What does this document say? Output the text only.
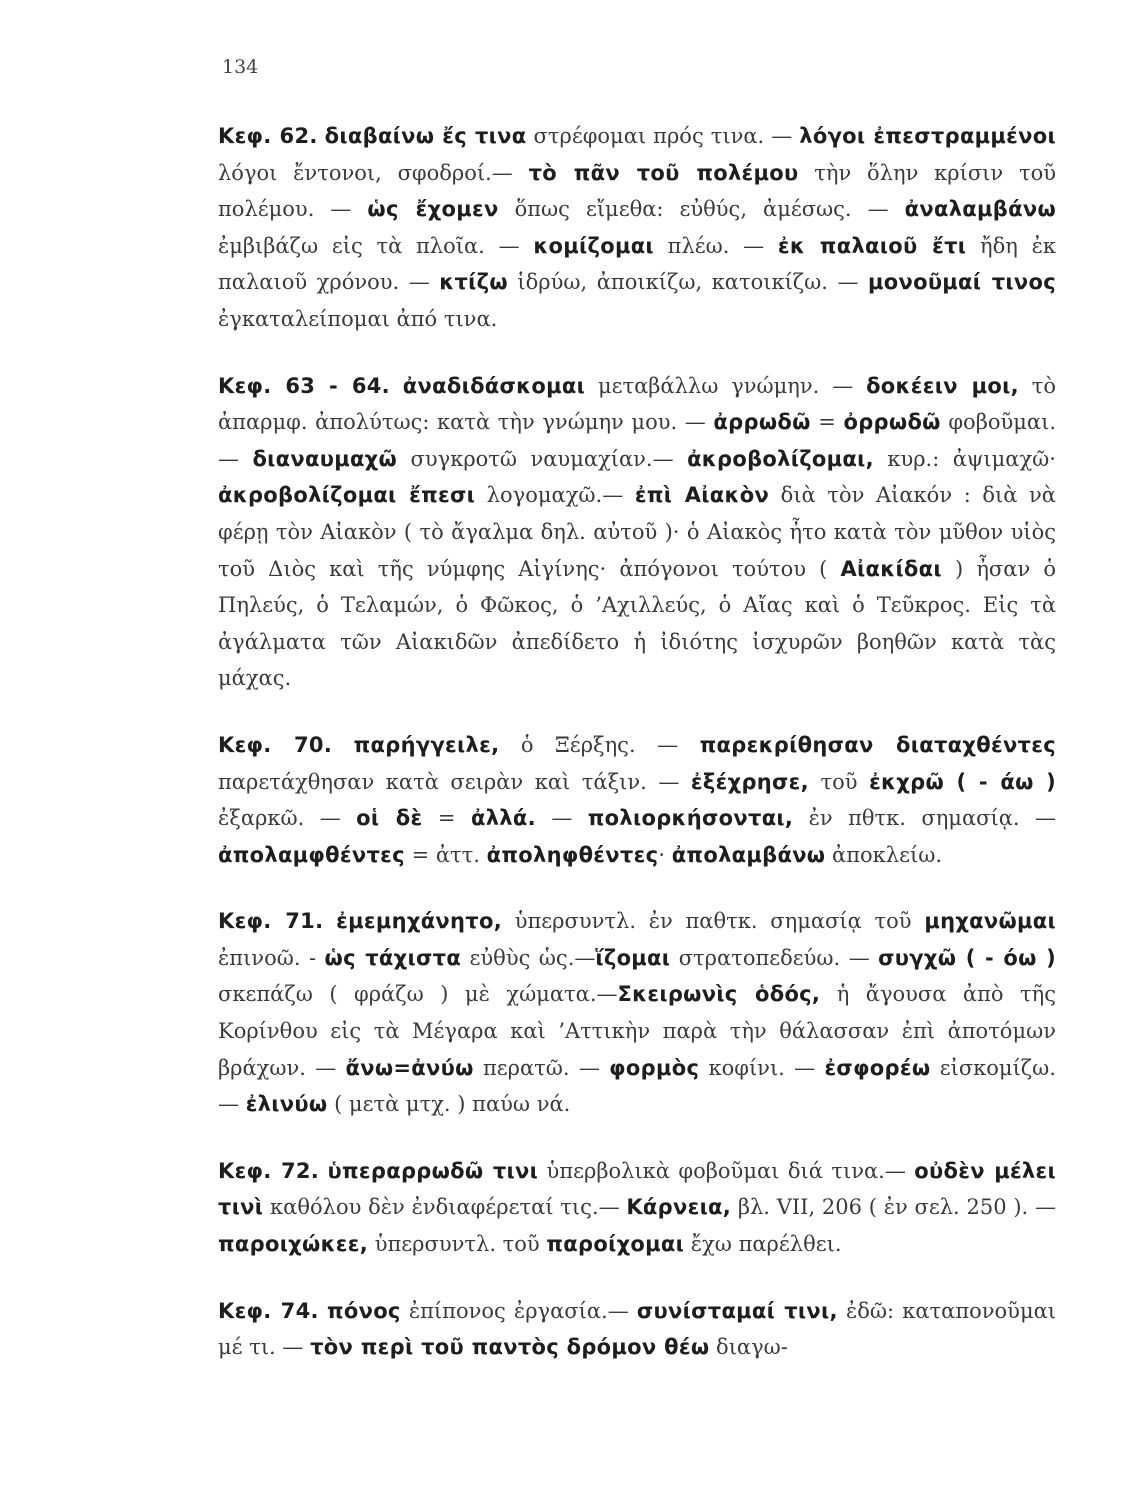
134

Κεφ. 62. διαβαίνω ἔς τινα στρέφομαι πρός τινα. — λόγοι ἐπεστραμμένοι λόγοι ἔντονοι, σφοδροί.— τὸ πᾶν τοῦ πολέμου τὴν ὅλην κρίσιν τοῦ πολέμου. — ὡς ἔχομεν ὅπως εἴμεθα: εὐθύς, ἀμέσως. — ἀναλαμβάνω ἐμβιβάζω εἰς τὰ πλοῖα. — κομίζομαι πλέω. — ἐκ παλαιοῦ ἔτι ἤδη ἐκ παλαιοῦ χρόνου. — κτίζω ἱδρύω, ἀποικίζω, κατοικίζω. — μονοῦμαί τινος ἐγκαταλείπομαι ἀπό τινα.

Κεφ. 63 - 64. ἀναδιδάσκομαι μεταβάλλω γνώμην. — δοκέειν μοι, τὸ ἀπαρμφ. ἀπολύτως: κατὰ τὴν γνώμην μου. — ἀρρωδῶ = ὀρρωδῶ φοβοῦμαι. — διαναυμαχῶ συγκροτῶ ναυμαχίαν.— ἀκροβολίζομαι, κυρ.: ἀψιμαχῶ· ἀκροβολίζομαι ἔπεσι λογομαχῶ.— ἐπὶ Αἰακὸν διὰ τὸν Αἰακόν : διὰ νὰ φέρῃ τὸν Αἰακὸν ( τὸ ἄγαλμα δηλ. αὐτοῦ )· ὁ Αἰακὸς ἦτο κατὰ τὸν μῦθον υἱὸς τοῦ Διὸς καὶ τῆς νύμφης Αἰγίνης· ἀπόγονοι τούτου ( Αἰακίδαι ) ἦσαν ὁ Πηλεύς, ὁ Τελαμών, ὁ Φῶκος, ὁ ’Αχιλλεύς, ὁ Αἴας καὶ ὁ Τεῦκρος. Εἰς τὰ ἀγάλματα τῶν Αἰακιδῶν ἀπεδίδετο ἡ ἰδιότης ἰσχυρῶν βοηθῶν κατὰ τὰς μάχας.

Κεφ. 70. παρήγγειλε, ὁ Ξέρξης. — παρεκρίθησαν διαταχθέντες παρετάχθησαν κατὰ σειρὰν καὶ τάξιν. — ἐξέχρησε, τοῦ ἐκχρῶ ( - άω ) ἐξαρκῶ. — οἱ δὲ = ἀλλά. — πολιορκήσονται, ἐν πθτκ. σημασίᾳ. — ἀπολαμφθέντες = ἀττ. ἀποληφθέντες· ἀπολαμβάνω ἀποκλείω.

Κεφ. 71. ἐμεμηχάνητο, ὑπερσυντλ. ἐν παθτκ. σημασίᾳ τοῦ μηχανῶμαι ἐπινοῶ. - ὡς τάχιστα εὐθὺς ὡς.—ἵζομαι στρατοπεδεύω. — συγχῶ ( - όω ) σκεπάζω ( φράζω ) μὲ χώματα.—Σκειρωνὶς ὁδός, ἡ ἄγουσα ἀπὸ τῆς Κορίνθου εἰς τὰ Μέγαρα καὶ ’Αττικὴν παρὰ τὴν θάλασσαν ἐπὶ ἀποτόμων βράχων. — ἄνω=ἀνύω περατῶ. — φορμὸς κοφίνι. — ἐσφορέω εἰσκομίζω. — ἐλινύω ( μετὰ μτχ. ) παύω νά.

Κεφ. 72. ὑπεραρρωδῶ τινι ὑπερβολικὰ φοβοῦμαι διά τινα.— οὐδὲν μέλει τινὶ καθόλου δὲν ἐνδιαφέρεταί τις.— Κάρνεια, βλ. VII, 206 ( ἐν σελ. 250 ). — παροιχώκεε, ὑπερσυντλ. τοῦ παροίχομαι ἔχω παρέλθει.

Κεφ. 74. πόνος ἐπίπονος ἐργασία.— συνίσταμαί τινι, ἐδῶ: καταπονοῦμαι μέ τι. — τὸν περὶ τοῦ παντὸς δρόμον θέω διαγω-
